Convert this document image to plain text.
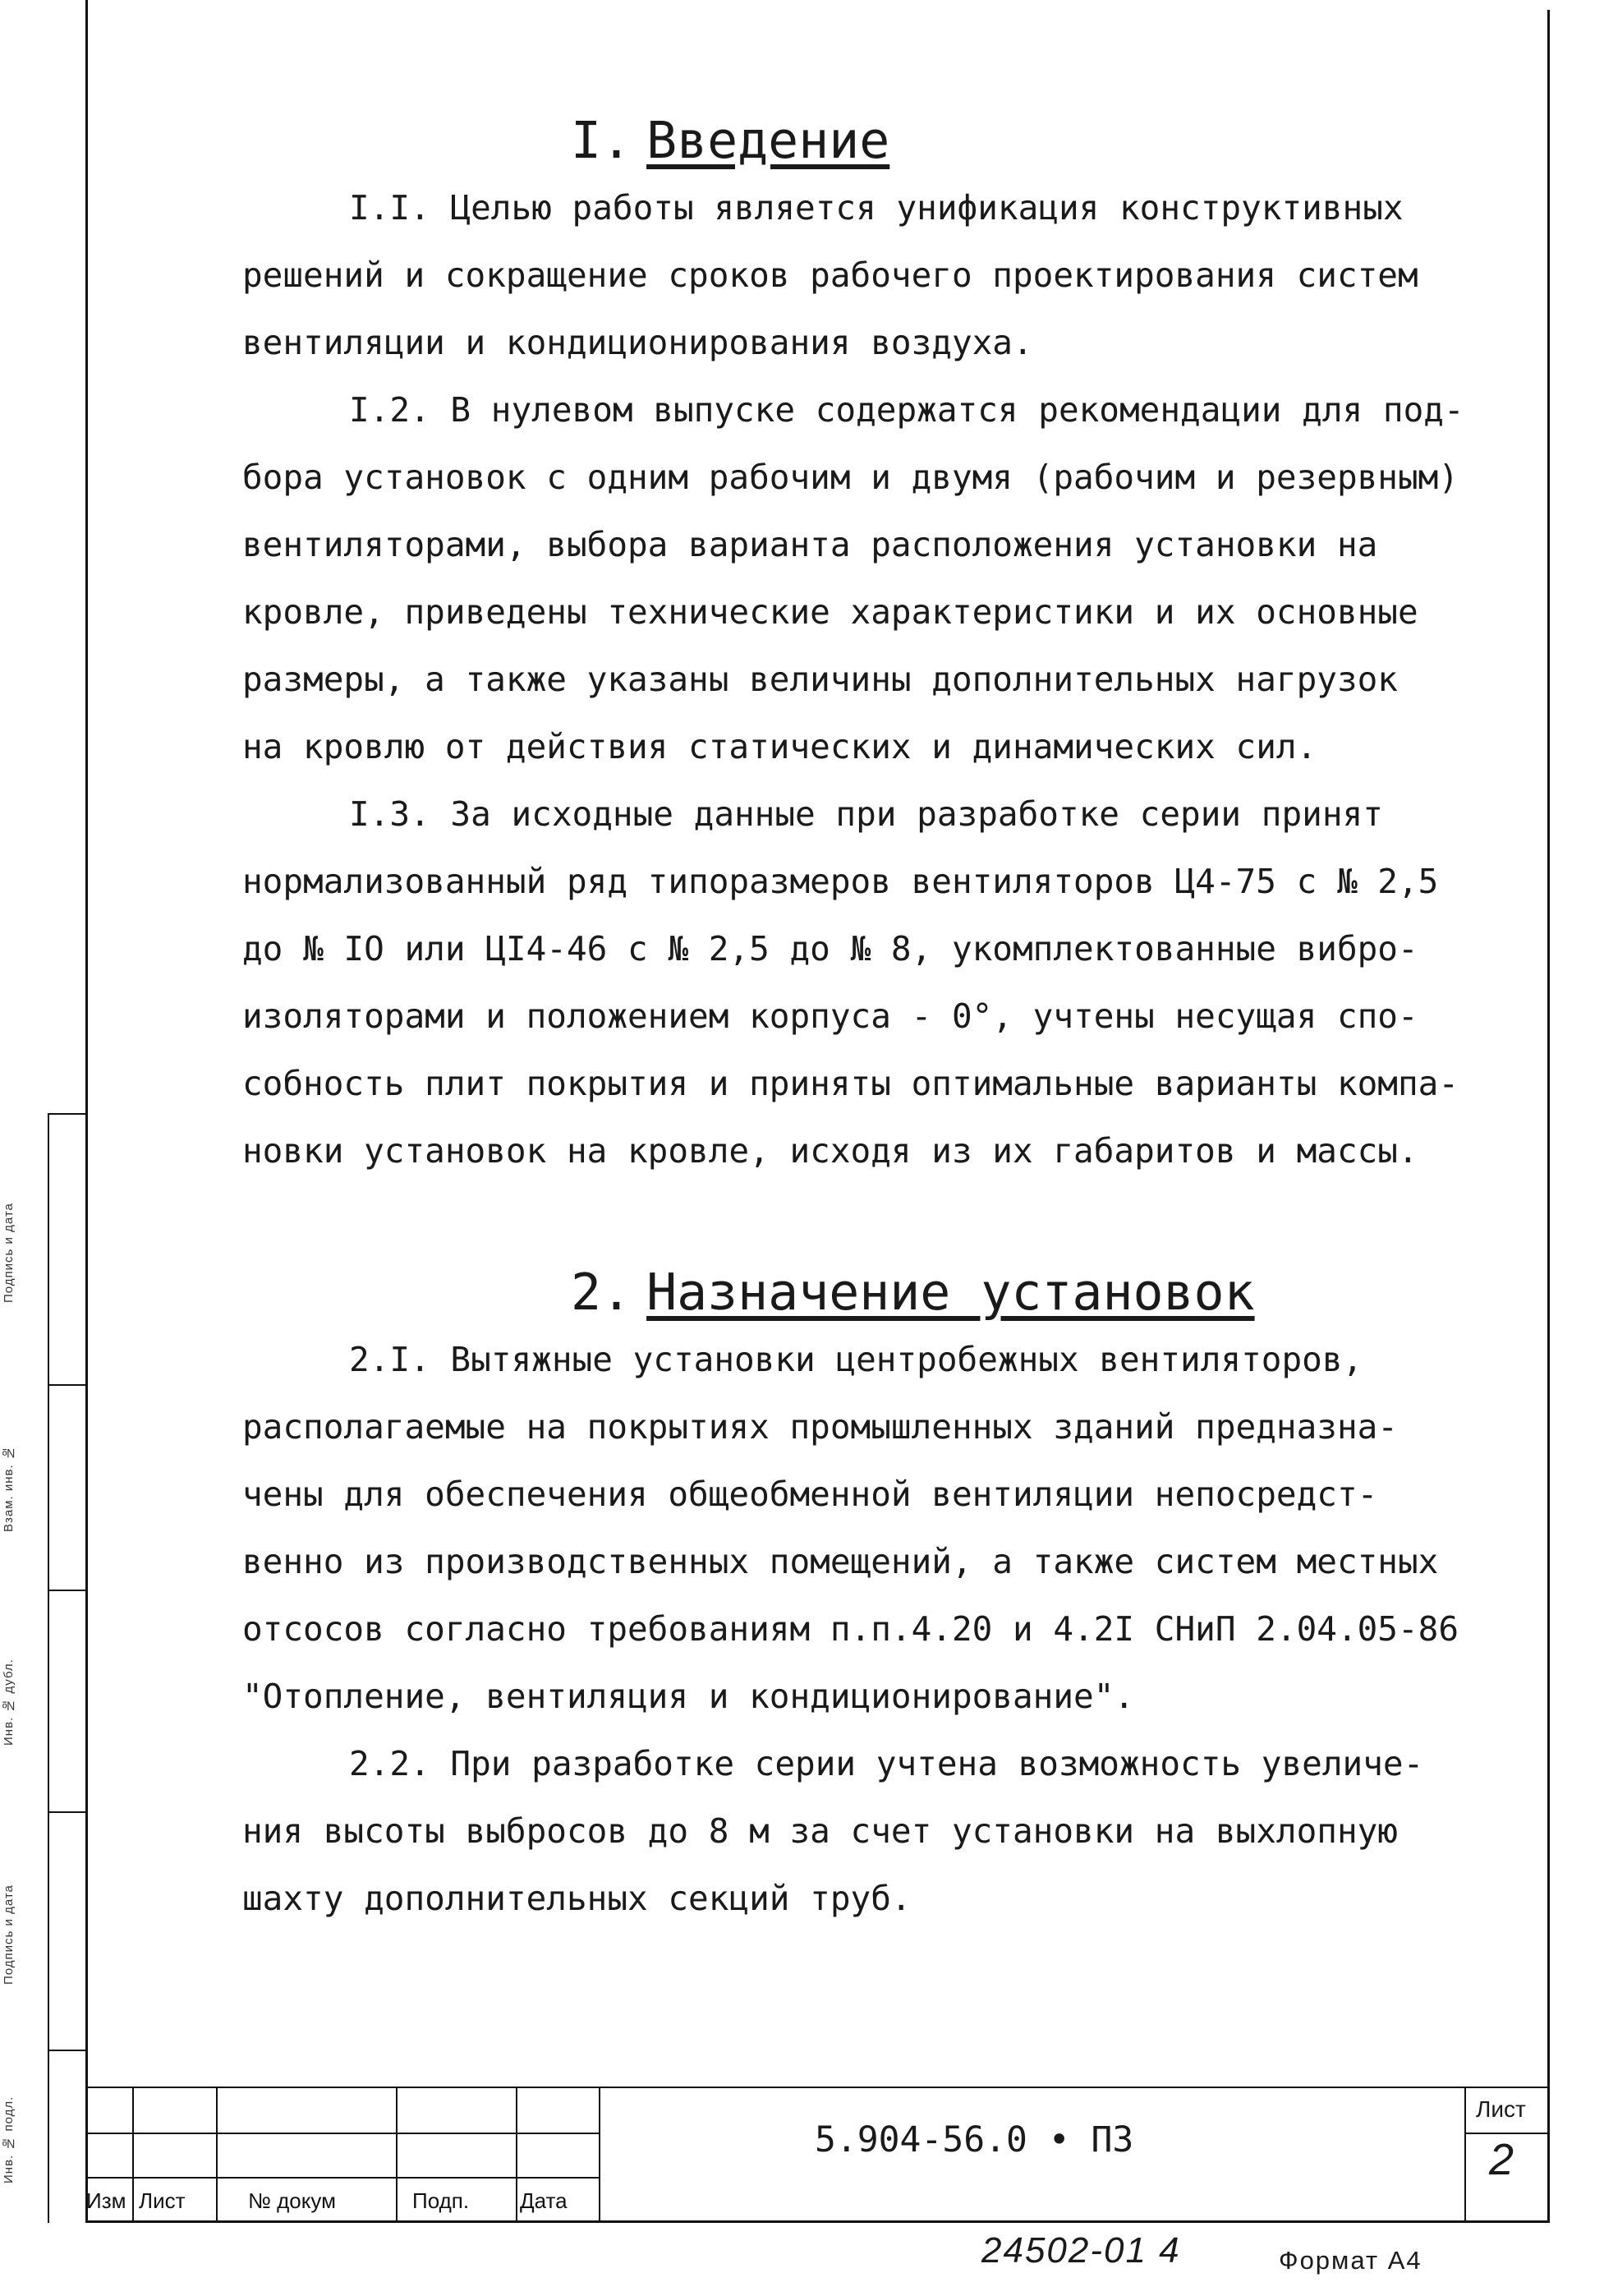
I. Введение
I.I. Целью работы является унификация конструктивных
решений и сокращение сроков рабочего проектирования систем
вентиляции и кондиционирования воздуха.
I.2. В нулевом выпуске содержатся рекомендации для под-
бора установок с одним рабочим и двумя (рабочим и резервным)
вентиляторами, выбора варианта расположения установки на
кровле, приведены технические характеристики и их основные
размеры, а также указаны величины дополнительных нагрузок
на кровлю от действия статических и динамических сил.
I.3. За исходные данные при разработке серии принят
нормализованный ряд типоразмеров вентиляторов Ц4-75 с № 2,5
до № IO или ЦI4-46 с № 2,5 до № 8, укомплектованные вибро-
изоляторами и положением корпуса - 0°, учтены несущая спо-
собность плит покрытия и приняты оптимальные варианты компа-
новки установок на кровле, исходя из их габаритов и массы.
2. Назначение установок
2.I. Вытяжные установки центробежных вентиляторов,
располагаемые на покрытиях промышленных зданий предназна-
чены для обеспечения общеобменной вентиляции непосредст-
венно из производственных помещений, а также систем местных
отсосов согласно требованиям п.п.4.20 и 4.2I СНиП 2.04.05-86
"Отопление, вентиляция и кондиционирование".
2.2. При разработке серии учтена возможность увеличе-
ния высоты выбросов до 8 м за счет установки на выхлопную
шахту дополнительных секций труб.
Подпись и дата
Взам. инв. №
Инв. № дубл.
Подпись и дата
Инв. № подл.
Изм Лист	№ докум	Подп. Дата
5.904-56.0 • ПЗ
Лист
2
24502-01 4	Формат А4
